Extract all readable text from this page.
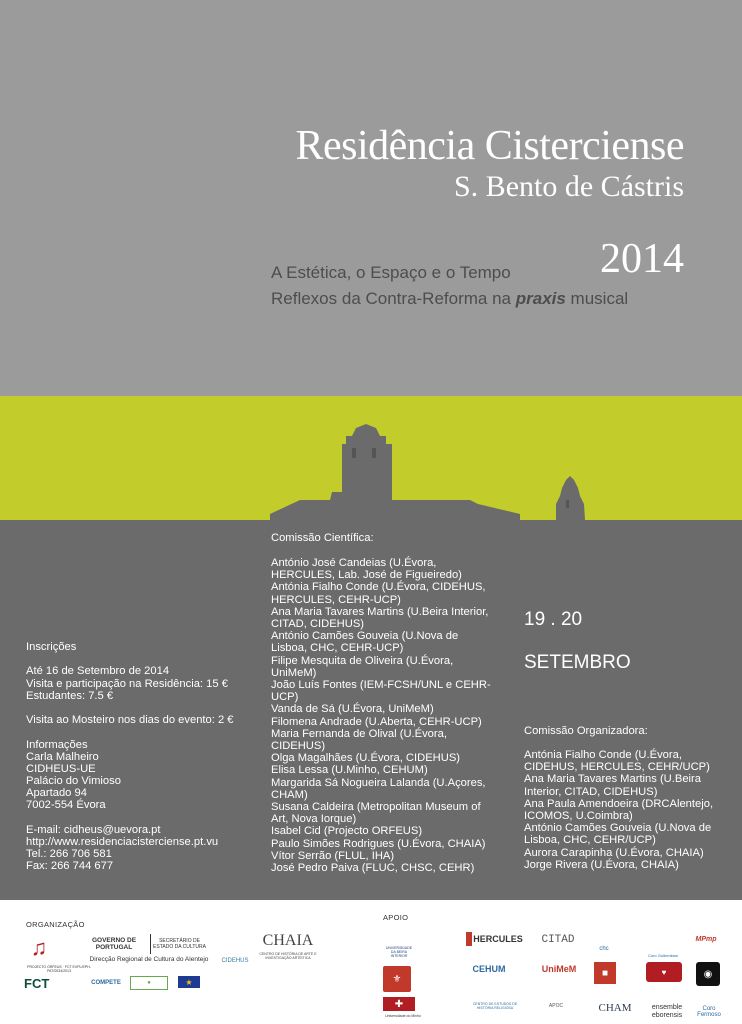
Residência Cisterciense
S. Bento de Cástris
2014
A Estética, o Espaço e o Tempo
Reflexos da Contra-Reforma na praxis musical
Comissão Científica:
António José Candeias (U.Évora,
HERCULES, Lab. José de Figueiredo)
Antónia Fialho Conde (U.Évora, CIDEHUS,
HERCULES, CEHR-UCP)
Ana Maria Tavares Martins (U.Beira Interior,
CITAD, CIDEHUS)
António Camões Gouveia (U.Nova de
Lisboa, CHC, CEHR-UCP)
Filipe Mesquita de Oliveira (U.Évora,
UniMeM)
João Luís Fontes (IEM-FCSH/UNL e CEHR-
UCP)
Vanda de Sá (U.Évora, UniMeM)
Filomena Andrade (U.Aberta, CEHR-UCP)
Maria Fernanda de Olival (U.Évora,
CIDEHUS)
Olga Magalhães (U.Évora, CIDEHUS)
Elisa Lessa (U.Minho, CEHUM)
Margarida Sá Nogueira Lalanda (U.Açores,
CHAM)
Susana Caldeira (Metropolitan Museum of
Art, Nova Iorque)
Isabel Cid (Projecto ORFEUS)
Paulo Simões Rodrigues (U.Évora, CHAIA)
Vítor Serrão (FLUL, IHA)
José Pedro Paiva (FLUC, CHSC, CEHR)
Inscrições
Até 16 de Setembro de 2014
Visita e participação na Residência: 15 €
Estudantes: 7.5 €
Visita ao Mosteiro nos dias do evento: 2 €
Informações
Carla Malheiro
CIDHEUS-UE
Palácio do Vimioso
Apartado 94
7002-554 Évora
E-mail: cidheus@uevora.pt
http://www.residenciacisterciense.pt.vu
Tel.: 266 706 581
Fax: 266 744 677
19 . 20
SETEMBRO
Comissão Organizadora:
Antónia Fialho Conde (U.Évora,
CIDEHUS, HERCULES, CEHR/UCP)
Ana Maria Tavares Martins (U.Beira
Interior, CITAD, CIDEHUS)
Ana Paula Amendoeira (DRCAlentejo,
ICOMOS, U.Coimbra)
António Camões Gouveia (U.Nova de
Lisboa, CHC, CEHR/UCP)
Aurora Carapinha (U.Évora, CHAIA)
Jorge Rivera (U.Évora, CHAIA)
ORGANIZAÇÃO
APOIO
♫	GOVERNO DE PORTUGAL
SECRETÁRIO DE ESTADO DA CULTURA
Direcção Regional de Cultura do Alentejo	CIDEHUS
CHAIA
CENTRO DE HISTÓRIA DE ARTE E INVESTIGAÇÃO ARTÍSTICA
PROJECTO ORFEUS · FCT EXPL/EPH-PAT/0034/2013
FCT	COMPETE	●	★
UNIVERSIDADE DA BEIRA INTERIOR
⚜
✚
Universidade do Minho
HERCULES
CEHUM
CENTRO DE ESTUDOS DE HISTÓRIA RELIGIOSA
CITAD
UniMeM
APOC
chc
■
CHAM
Coro Gulbenkian
♥
ensemble eborensis
MPmp
◉
Coro Fermoso
